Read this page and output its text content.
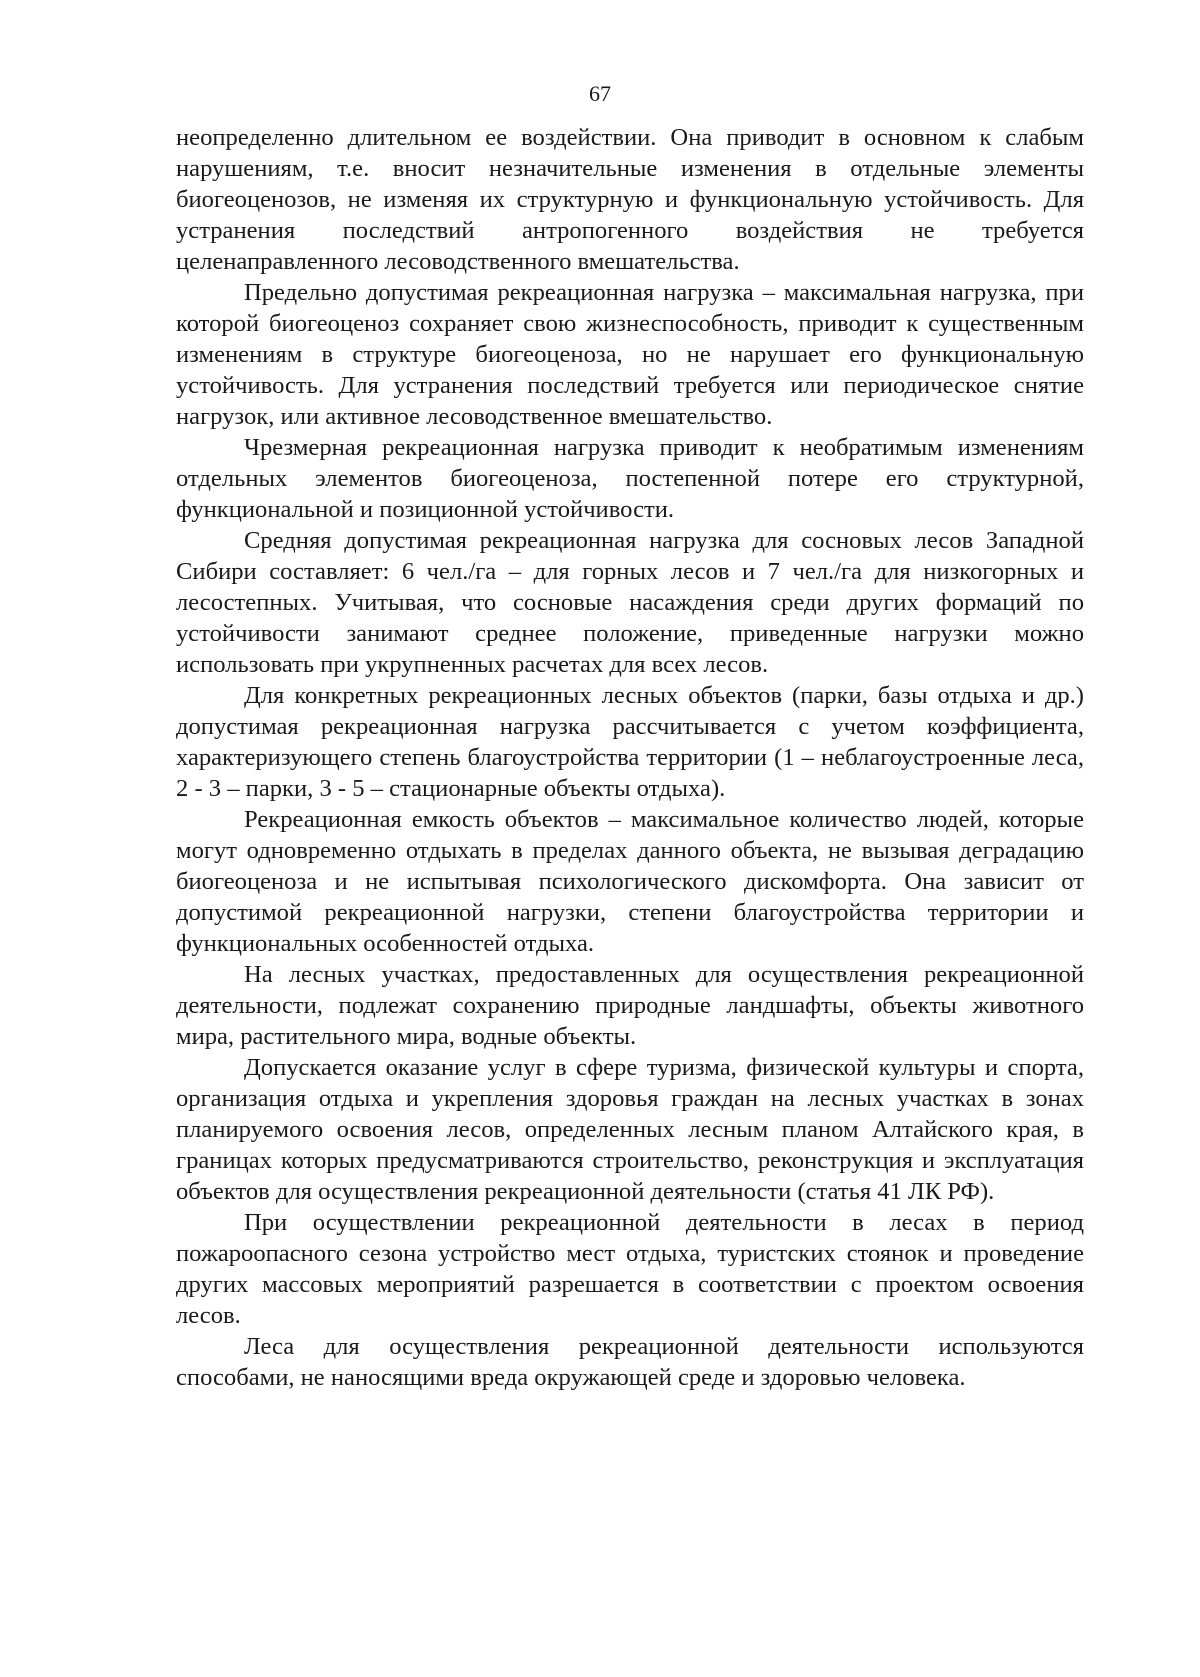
67

неопределенно длительном ее воздействии. Она приводит в основном к слабым нарушениям, т.е. вносит незначительные изменения в отдельные элементы биогеоценозов, не изменяя их структурную и функциональную устойчивость. Для устранения последствий антропогенного воздействия не требуется целенаправленного лесоводственного вмешательства.

Предельно допустимая рекреационная нагрузка – максимальная нагрузка, при которой биогеоценоз сохраняет свою жизнеспособность, приводит к существенным изменениям в структуре биогеоценоза, но не нарушает его функциональную устойчивость. Для устранения последствий требуется или периодическое снятие нагрузок, или активное лесоводственное вмешательство.

Чрезмерная рекреационная нагрузка приводит к необратимым изменениям отдельных элементов биогеоценоза, постепенной потере его структурной, функциональной и позиционной устойчивости.

Средняя допустимая рекреационная нагрузка для сосновых лесов Западной Сибири составляет: 6 чел./га – для горных лесов и 7 чел./га для низкогорных и лесостепных. Учитывая, что сосновые насаждения среди других формаций по устойчивости занимают среднее положение, приведенные нагрузки можно использовать при укрупненных расчетах для всех лесов.

Для конкретных рекреационных лесных объектов (парки, базы отдыха и др.) допустимая рекреационная нагрузка рассчитывается с учетом коэффициента, характеризующего степень благоустройства территории (1 – неблагоустроенные леса, 2 - 3 – парки, 3 - 5 – стационарные объекты отдыха).

Рекреационная емкость объектов – максимальное количество людей, которые могут одновременно отдыхать в пределах данного объекта, не вызывая деградацию биогеоценоза и не испытывая психологического дискомфорта. Она зависит от допустимой рекреационной нагрузки, степени благоустройства территории и функциональных особенностей отдыха.

На лесных участках, предоставленных для осуществления рекреационной деятельности, подлежат сохранению природные ландшафты, объекты животного мира, растительного мира, водные объекты.

Допускается оказание услуг в сфере туризма, физической культуры и спорта, организация отдыха и укрепления здоровья граждан на лесных участках в зонах планируемого освоения лесов, определенных лесным планом Алтайского края, в границах которых предусматриваются строительство, реконструкция и эксплуатация объектов для осуществления рекреационной деятельности (статья 41 ЛК РФ).

При осуществлении рекреационной деятельности в лесах в период пожароопасного сезона устройство мест отдыха, туристских стоянок и проведение других массовых мероприятий разрешается в соответствии с проектом освоения лесов.

Леса для осуществления рекреационной деятельности используются способами, не наносящими вреда окружающей среде и здоровью человека.
